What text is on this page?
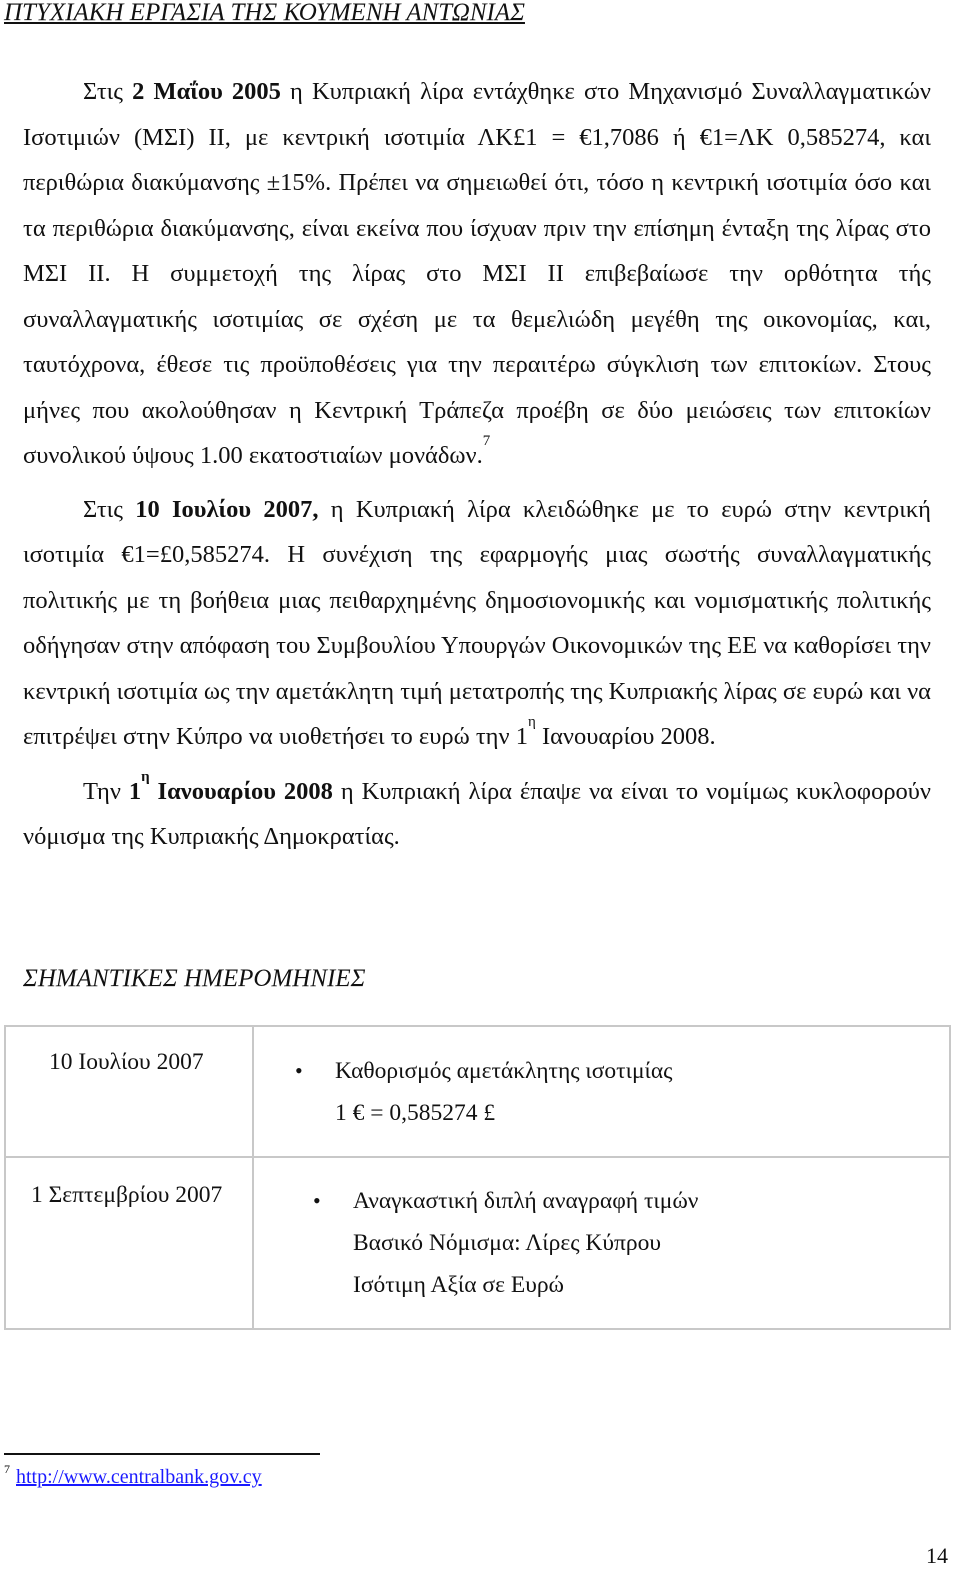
ΠΤΥΧΙΑΚΗ ΕΡΓΑΣΙΑ ΤΗΣ ΚΟΥΜΕΝΗ ΑΝΤΩΝΙΑΣ

Στις 2 Μαΐου 2005 η Κυπριακή λίρα εντάχθηκε στο Μηχανισμό Συναλλαγματικών Ισοτιμιών (ΜΣΙ) ΙΙ, με κεντρική ισοτιμία ΛΚ£1 = €1,7086 ή €1=ΛΚ 0,585274, και περιθώρια διακύμανσης ±15%. Πρέπει να σημειωθεί ότι, τόσο η κεντρική ισοτιμία όσο και τα περιθώρια διακύμανσης, είναι εκείνα που ίσχυαν πριν την επίσημη ένταξη της λίρας στο ΜΣΙ ΙΙ. Η συμμετοχή της λίρας στο ΜΣΙ ΙΙ επιβεβαίωσε την ορθότητα τής συναλλαγματικής ισοτιμίας σε σχέση με τα θεμελιώδη μεγέθη της οικονομίας, και, ταυτόχρονα, έθεσε τις προϋποθέσεις για την περαιτέρω σύγκλιση των επιτοκίων. Στους μήνες που ακολούθησαν η Κεντρική Τράπεζα προέβη σε δύο μειώσεις των επιτοκίων συνολικού ύψους 1.00 εκατοστιαίων μονάδων.$^7$

Στις 10 Ιουλίου 2007, η Κυπριακή λίρα κλειδώθηκε με το ευρώ στην κεντρική ισοτιμία €1=£0,585274. Η συνέχιση της εφαρμογής μιας σωστής συναλλαγματικής πολιτικής με τη βοήθεια μιας πειθαρχημένης δημοσιονομικής και νομισματικής πολιτικής οδήγησαν στην απόφαση του Συμβουλίου Υπουργών Οικονομικών της ΕΕ να καθορίσει την κεντρική ισοτιμία ως την αμετάκλητη τιμή μετατροπής της Κυπριακής λίρας σε ευρώ και να επιτρέψει στην Κύπρο να υιοθετήσει το ευρώ την $1^\eta$ Ιανουαρίου 2008.

Την $1^\eta$ Ιανουαρίου 2008 η Κυπριακή λίρα έπαψε να είναι το νομίμως κυκλοφορούν νόμισμα της Κυπριακής Δημοκρατίας.

ΣΗΜΑΝΤΙΚΕΣ ΗΜΕΡΟΜΗΝΙΕΣ
10 Ιουλίου 2007	• Καθορισμός αμετάκλητης ισοτιμίας
1 € = 0,585274 £

1 Σεπτεμβρίου 2007	• Αναγκαστική διπλή αναγραφή τιμών
Βασικό Νόμισμα: Λίρες Κύπρου
Ισότιμη Αξία σε Ευρώ
$^7$ http://www.centralbank.gov.cy
14
